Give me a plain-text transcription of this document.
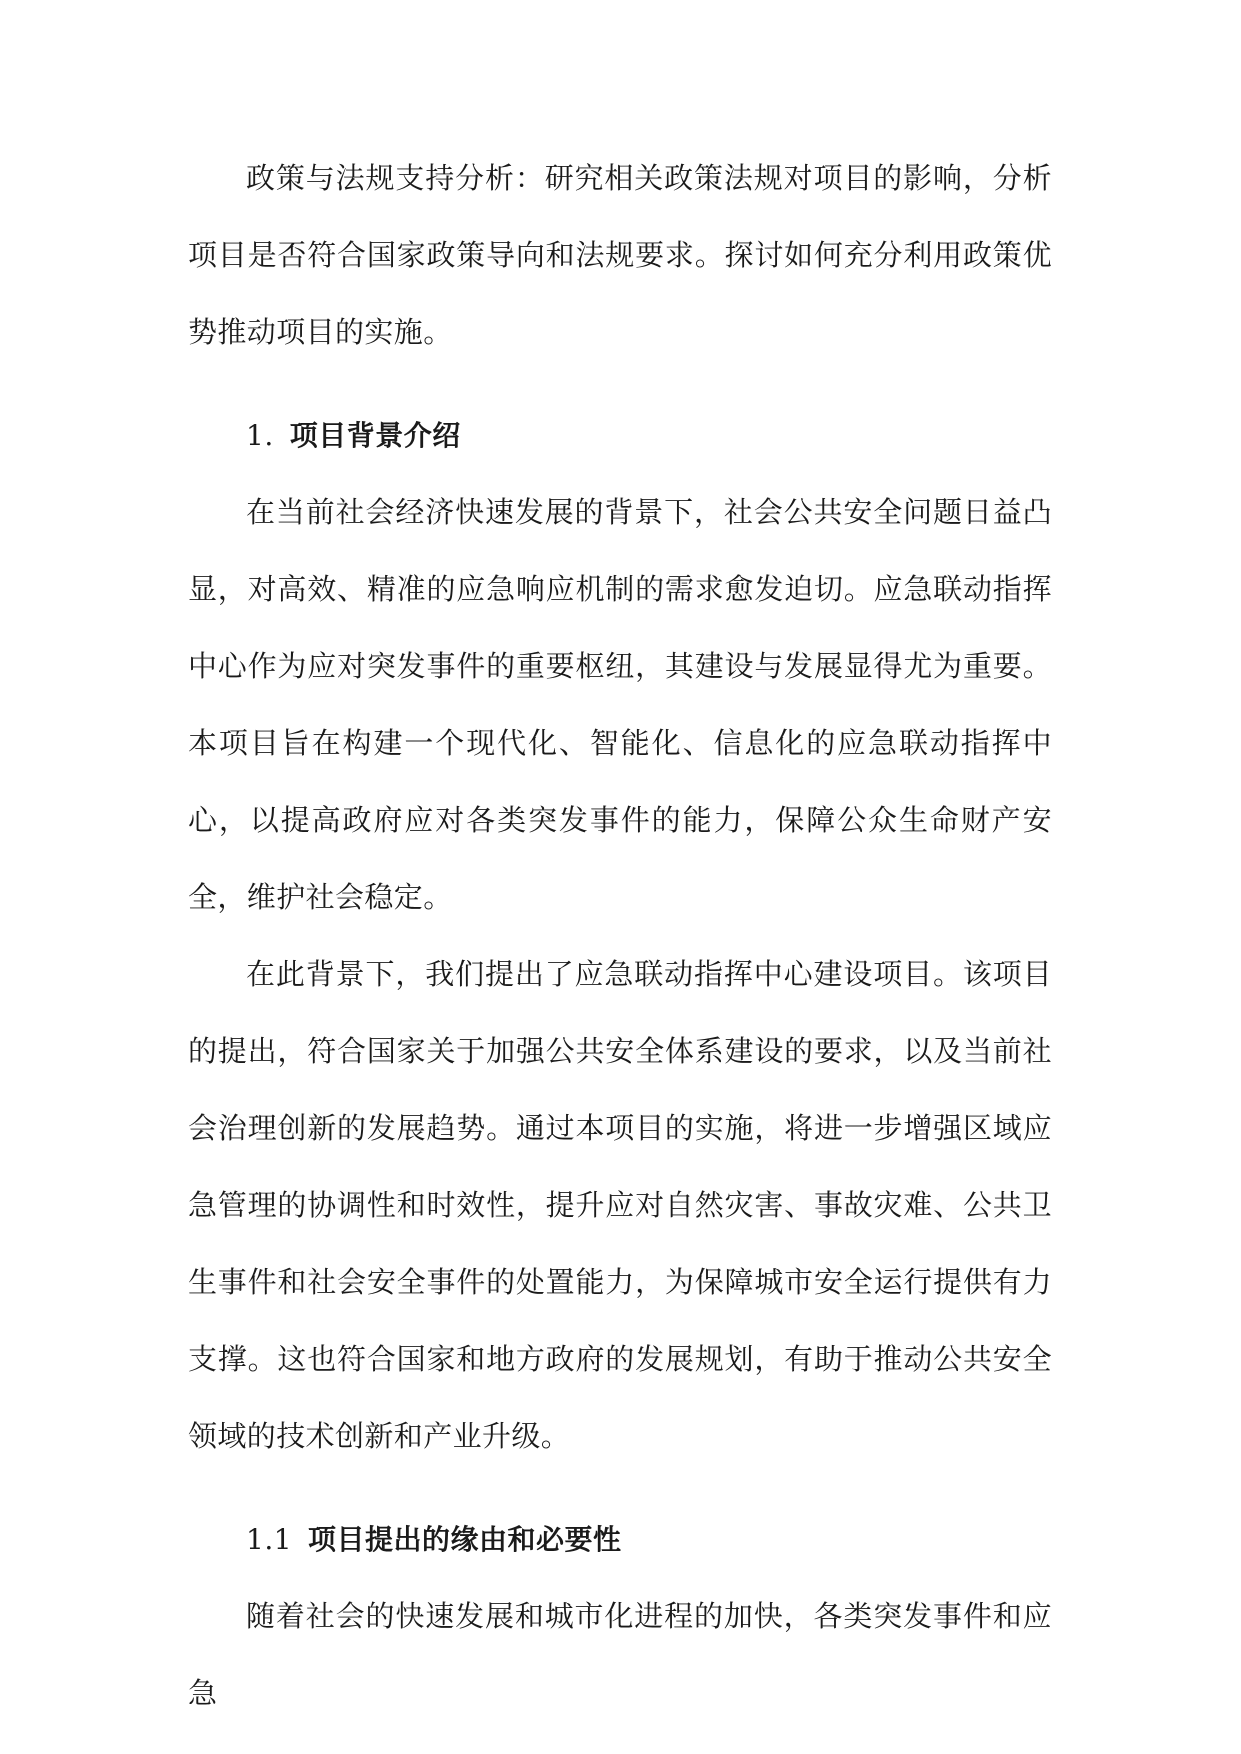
政策与法规支持分析：研究相关政策法规对项目的影响，分析项目是否符合国家政策导向和法规要求。探讨如何充分利用政策优势推动项目的实施。

1. 项目背景介绍

在当前社会经济快速发展的背景下，社会公共安全问题日益凸显，对高效、精准的应急响应机制的需求愈发迫切。应急联动指挥中心作为应对突发事件的重要枢纽，其建设与发展显得尤为重要。本项目旨在构建一个现代化、智能化、信息化的应急联动指挥中心，以提高政府应对各类突发事件的能力，保障公众生命财产安全，维护社会稳定。

在此背景下，我们提出了应急联动指挥中心建设项目。该项目的提出，符合国家关于加强公共安全体系建设的要求，以及当前社会治理创新的发展趋势。通过本项目的实施，将进一步增强区域应急管理的协调性和时效性，提升应对自然灾害、事故灾难、公共卫生事件和社会安全事件的处置能力，为保障城市安全运行提供有力支撑。这也符合国家和地方政府的发展规划，有助于推动公共安全领域的技术创新和产业升级。

1.1 项目提出的缘由和必要性

随着社会的快速发展和城市化进程的加快，各类突发事件和应急
